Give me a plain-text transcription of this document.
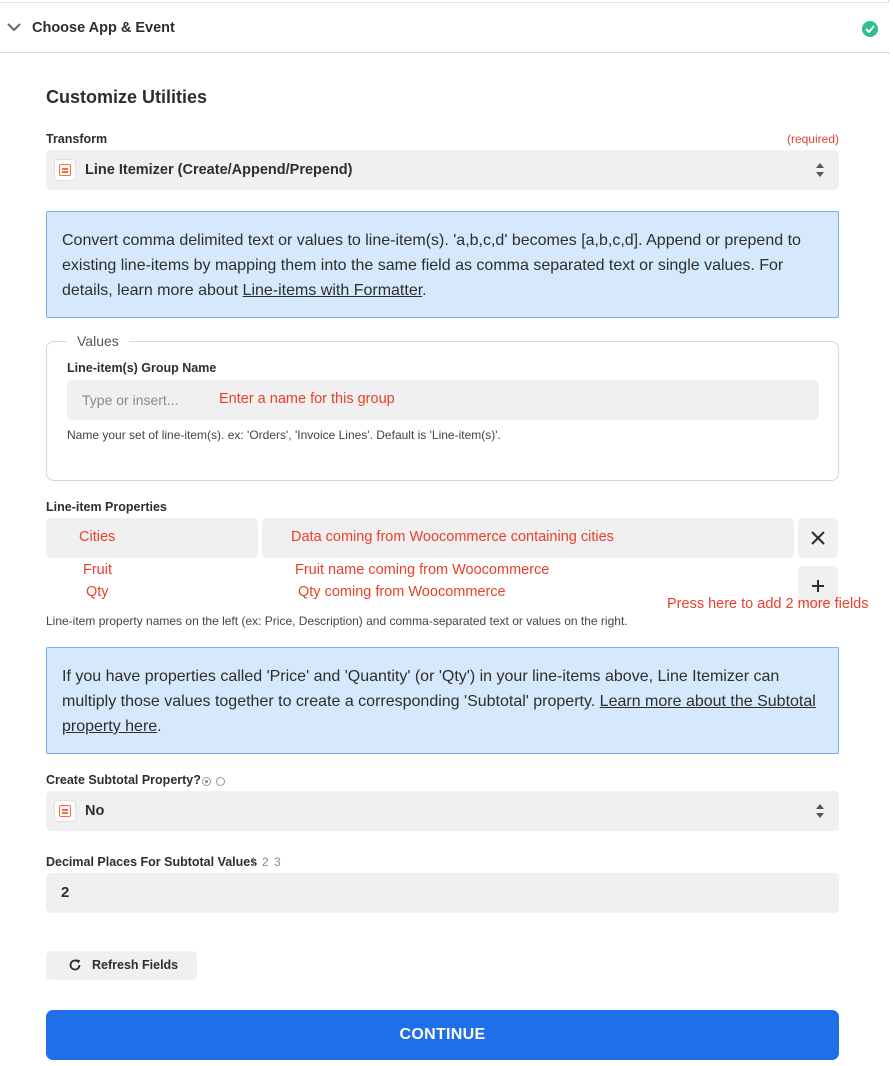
Choose App & Event
Customize Utilities
Transform	(required)
Line Itemizer (Create/Append/Prepend)
Convert comma delimited text or values to line-item(s). 'a,b,c,d' becomes [a,b,c,d]. Append or prepend to existing line-items by mapping them into the same field as comma separated text or single values. For details, learn more about Line-items with Formatter.
Values
Line-item(s) Group Name
Type or insert...	Enter a name for this group
Name your set of line-item(s). ex: 'Orders', 'Invoice Lines'. Default is 'Line-item(s)'.
Line-item Properties
Cities	Data coming from Woocommerce containing cities
Fruit	Fruit name coming from Woocommerce
Qty	Qty coming from Woocommerce
Press here to add 2 more fields
Line-item property names on the left (ex: Price, Description) and comma-separated text or values on the right.
If you have properties called 'Price' and 'Quantity' (or 'Qty') in your line-items above, Line Itemizer can multiply those values together to create a corresponding 'Subtotal' property. Learn more about the Subtotal property here.
Create Subtotal Property?

No
Decimal Places For Subtotal Values
1 2 3
2
Refresh Fields
CONTINUE
